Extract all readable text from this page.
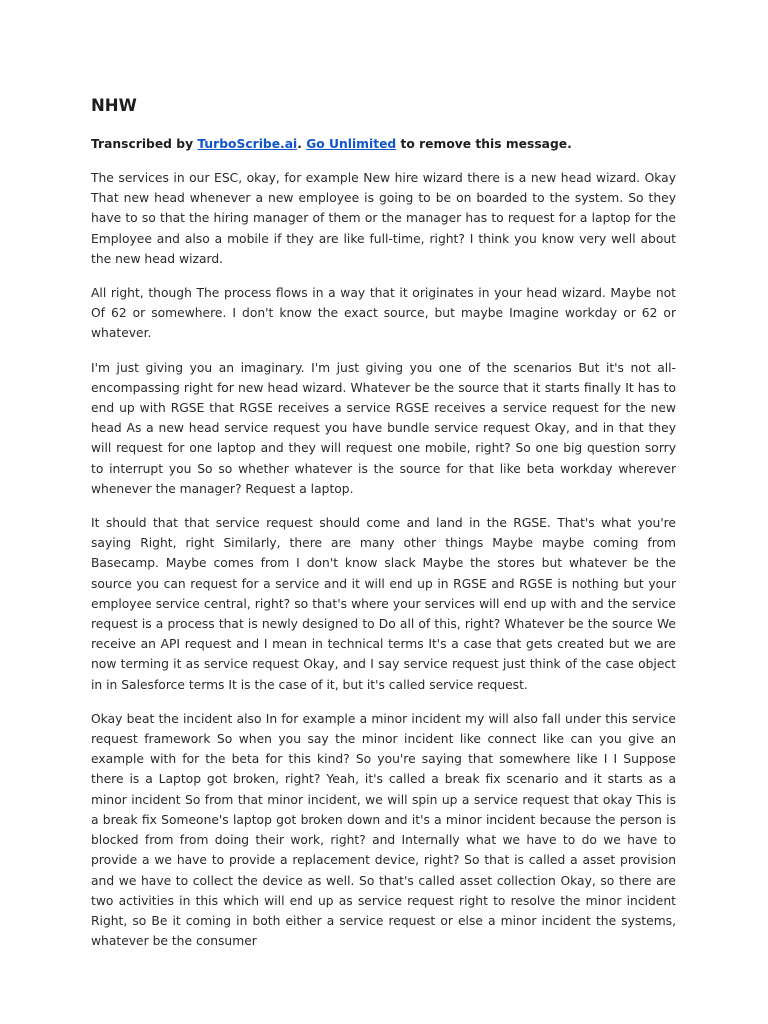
NHW

Transcribed by TurboScribe.ai. Go Unlimited to remove this message.

The services in our ESC, okay, for example New hire wizard there is a new head wizard. Okay That new head whenever a new employee is going to be on boarded to the system. So they have to so that the hiring manager of them or the manager has to request for a laptop for the Employee and also a mobile if they are like full-time, right? I think you know very well about the new head wizard.

All right, though The process flows in a way that it originates in your head wizard. Maybe not Of 62 or somewhere. I don't know the exact source, but maybe Imagine workday or 62 or whatever.

I'm just giving you an imaginary. I'm just giving you one of the scenarios But it's not all-encompassing right for new head wizard. Whatever be the source that it starts finally It has to end up with RGSE that RGSE receives a service RGSE receives a service request for the new head As a new head service request you have bundle service request Okay, and in that they will request for one laptop and they will request one mobile, right? So one big question sorry to interrupt you So so whether whatever is the source for that like beta workday wherever whenever the manager? Request a laptop.

It should that that service request should come and land in the RGSE. That's what you're saying Right, right Similarly, there are many other things Maybe maybe coming from Basecamp. Maybe comes from I don't know slack Maybe the stores but whatever be the source you can request for a service and it will end up in RGSE and RGSE is nothing but your employee service central, right? so that's where your services will end up with and the service request is a process that is newly designed to Do all of this, right? Whatever be the source We receive an API request and I mean in technical terms It's a case that gets created but we are now terming it as service request Okay, and I say service request just think of the case object in in Salesforce terms It is the case of it, but it's called service request.

Okay beat the incident also In for example a minor incident my will also fall under this service request framework So when you say the minor incident like connect like can you give an example with for the beta for this kind? So you're saying that somewhere like I I Suppose there is a Laptop got broken, right? Yeah, it's called a break fix scenario and it starts as a minor incident So from that minor incident, we will spin up a service request that okay This is a break fix Someone's laptop got broken down and it's a minor incident because the person is blocked from from doing their work, right? and Internally what we have to do we have to provide a we have to provide a replacement device, right? So that is called a asset provision and we have to collect the device as well. So that's called asset collection Okay, so there are two activities in this which will end up as service request right to resolve the minor incident Right, so Be it coming in both either a service request or else a minor incident the systems, whatever be the consumer
